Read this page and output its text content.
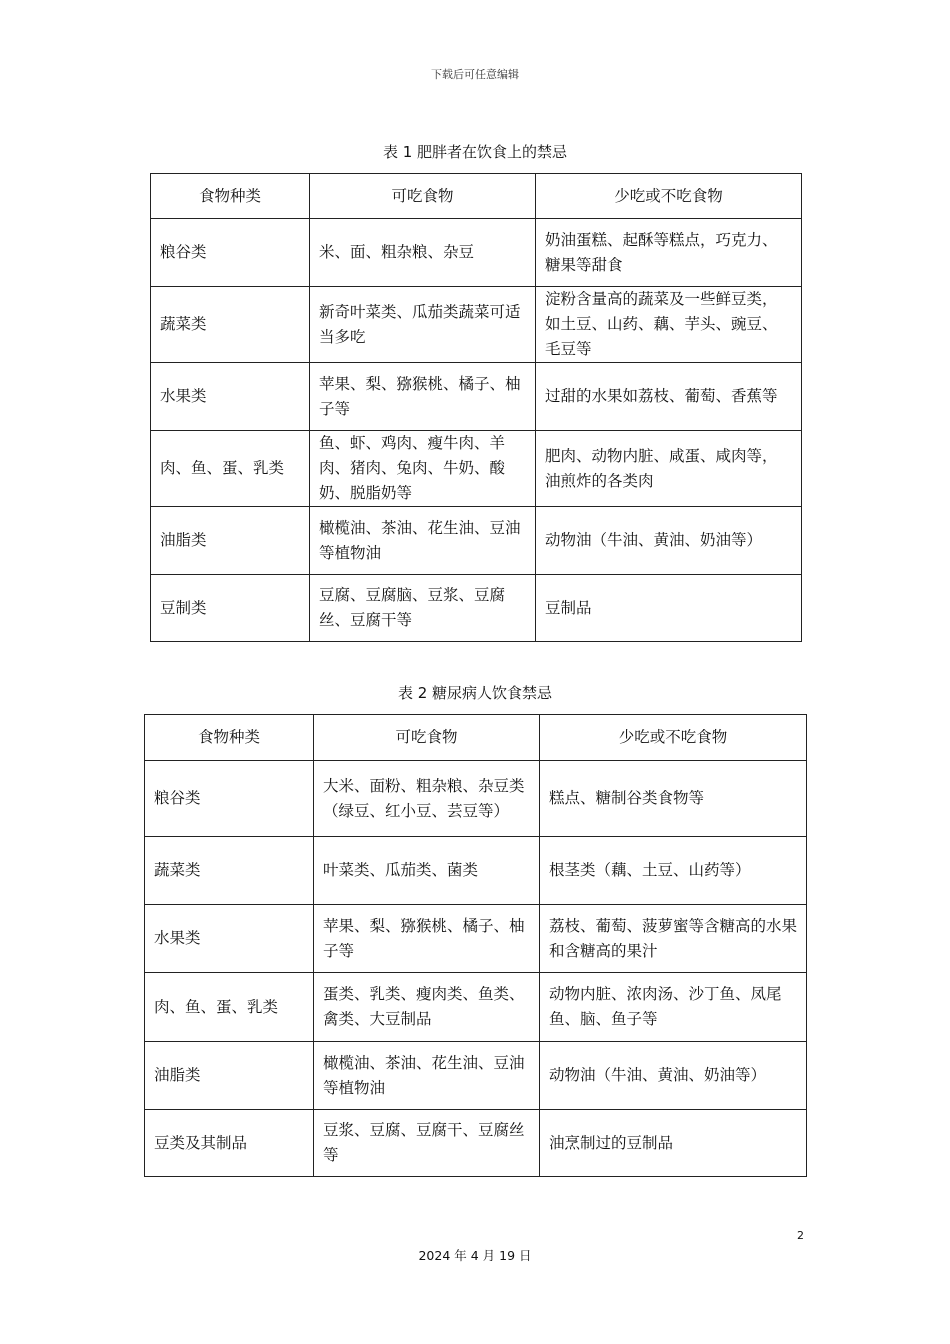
下载后可任意编辑
表 1 肥胖者在饮食上的禁忌
食物种类	可吃食物	少吃或不吃食物
粮谷类	米、面、粗杂粮、杂豆	奶油蛋糕、起酥等糕点，巧克力、糖果等甜食
蔬菜类	新奇叶菜类、瓜茄类蔬菜可适当多吃	淀粉含量高的蔬菜及一些鲜豆类，如土豆、山药、藕、芋头、豌豆、毛豆等
水果类	苹果、梨、猕猴桃、橘子、柚子等	过甜的水果如荔枝、葡萄、香蕉等
肉、鱼、蛋、乳类	鱼、虾、鸡肉、瘦牛肉、羊肉、猪肉、兔肉、牛奶、酸奶、脱脂奶等	肥肉、动物内脏、咸蛋、咸肉等，油煎炸的各类肉
油脂类	橄榄油、茶油、花生油、豆油等植物油	动物油（牛油、黄油、奶油等）
豆制类	豆腐、豆腐脑、豆浆、豆腐丝、豆腐干等	豆制品
表 2 糖尿病人饮食禁忌
食物种类	可吃食物	少吃或不吃食物
粮谷类	大米、面粉、粗杂粮、杂豆类（绿豆、红小豆、芸豆等）	糕点、糖制谷类食物等
蔬菜类	叶菜类、瓜茄类、菌类	根茎类（藕、土豆、山药等）
水果类	苹果、梨、猕猴桃、橘子、柚子等	荔枝、葡萄、菠萝蜜等含糖高的水果和含糖高的果汁
肉、鱼、蛋、乳类	蛋类、乳类、瘦肉类、鱼类、禽类、大豆制品	动物内脏、浓肉汤、沙丁鱼、凤尾鱼、脑、鱼子等
油脂类	橄榄油、茶油、花生油、豆油等植物油	动物油（牛油、黄油、奶油等）
豆类及其制品	豆浆、豆腐、豆腐干、豆腐丝等	油烹制过的豆制品
2
2024 年 4 月 19 日
